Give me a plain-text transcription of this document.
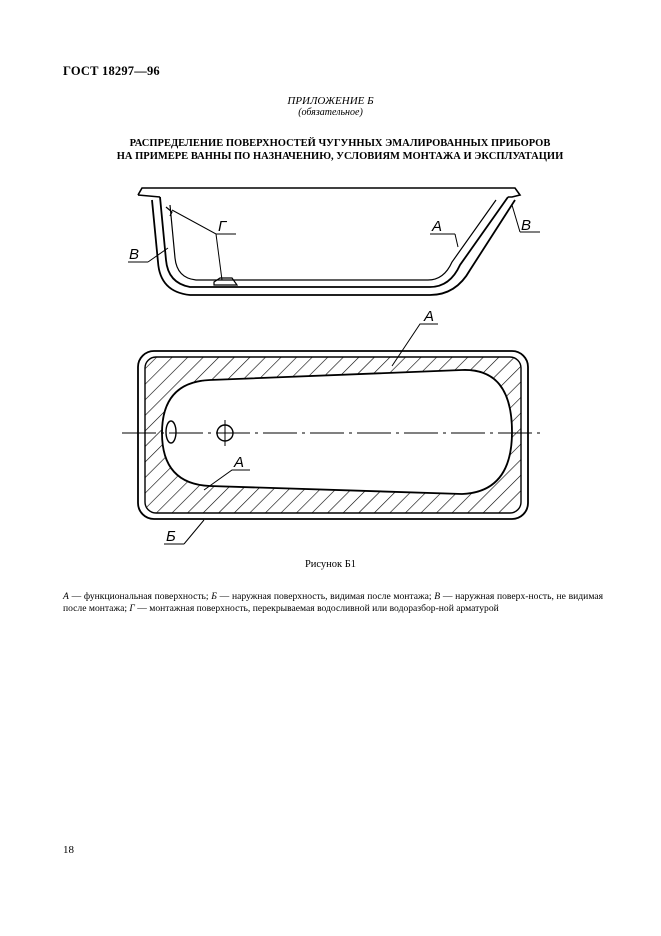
ГОСТ 18297—96
ПРИЛОЖЕНИЕ Б
(обязательное)
РАСПРЕДЕЛЕНИЕ ПОВЕРХНОСТЕЙ ЧУГУННЫХ ЭМАЛИРОВАННЫХ ПРИБОРОВ
НА ПРИМЕРЕ ВАННЫ ПО НАЗНАЧЕНИЮ, УСЛОВИЯМ МОНТАЖА И ЭКСПЛУАТАЦИИ
Г	А	В
В
А
А
Б
Рисунок Б1
А — функциональная поверхность; Б — наружная поверхность, видимая после монтажа; В — наружная поверх-ность, не видимая после монтажа; Г — монтажная поверхность, перекрываемая водосливной или водоразбор-ной арматурой
18
